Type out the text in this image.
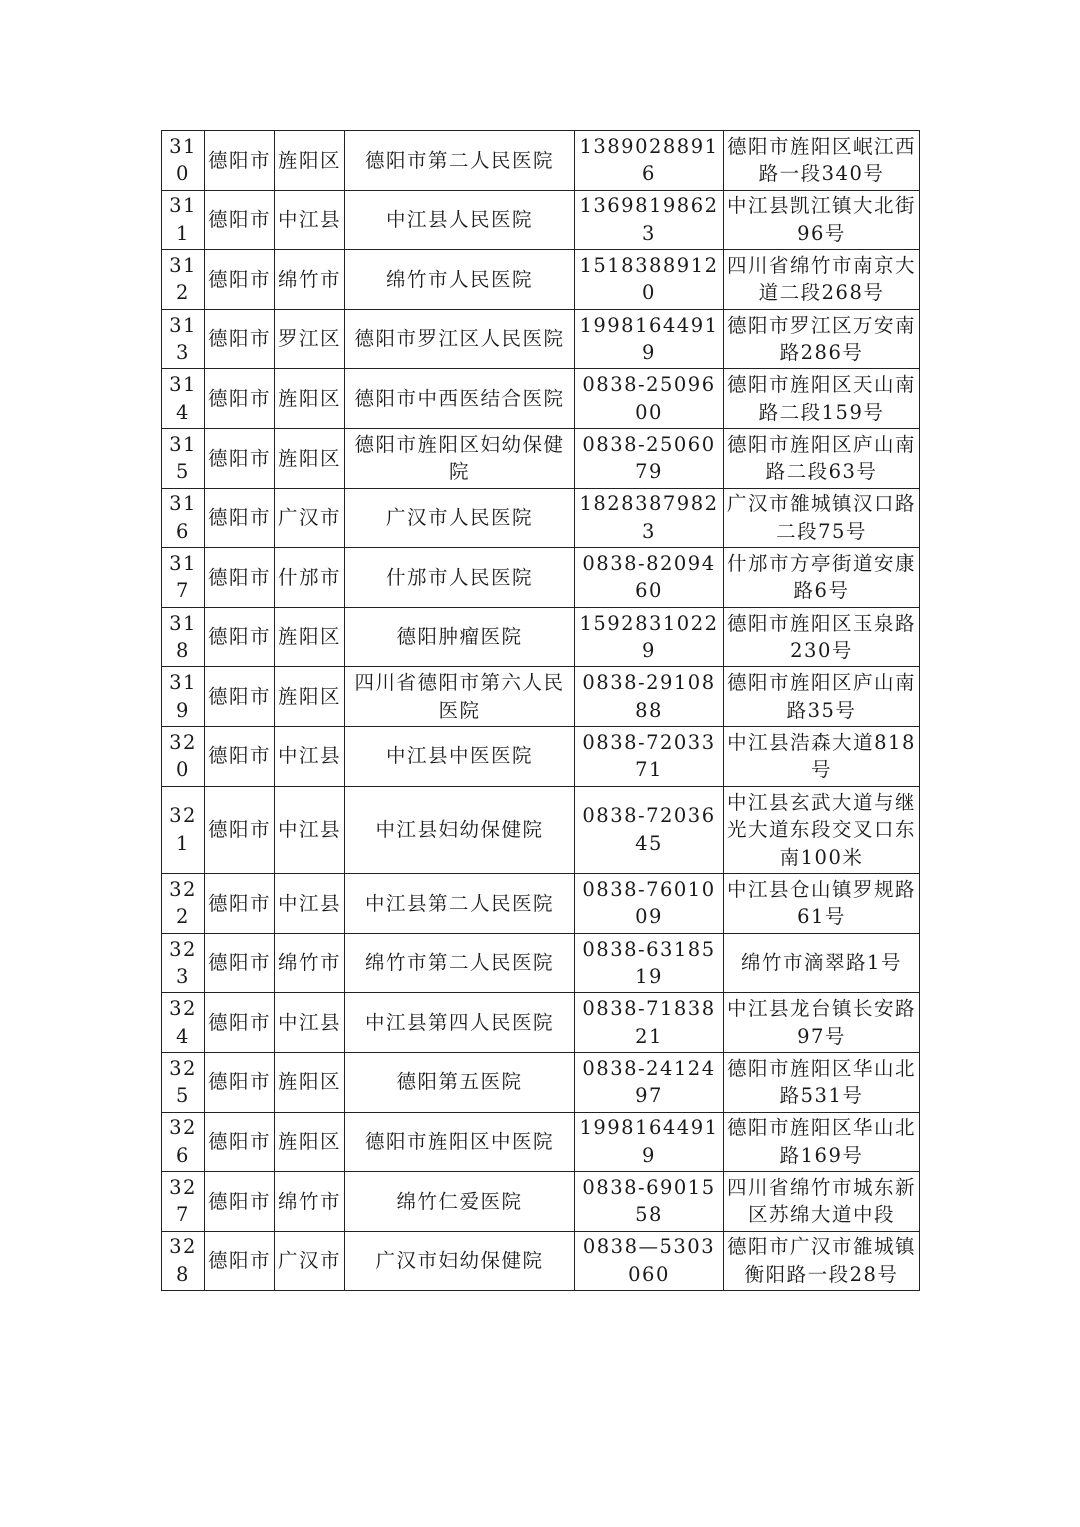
310	德阳市	旌阳区	德阳市第二人民医院	13890288916	德阳市旌阳区岷江西路一段340号
311	德阳市	中江县	中江县人民医院	13698198623	中江县凯江镇大北街96号
312	德阳市	绵竹市	绵竹市人民医院	15183889120	四川省绵竹市南京大道二段268号
313	德阳市	罗江区	德阳市罗江区人民医院	19981644919	德阳市罗江区万安南路286号
314	德阳市	旌阳区	德阳市中西医结合医院	0838-2509600	德阳市旌阳区天山南路二段159号
315	德阳市	旌阳区	德阳市旌阳区妇幼保健院	0838-2506079	德阳市旌阳区庐山南路二段63号
316	德阳市	广汉市	广汉市人民医院	18283879823	广汉市雒城镇汉口路二段75号
317	德阳市	什邡市	什邡市人民医院	0838-8209460	什邡市方亭街道安康路6号
318	德阳市	旌阳区	德阳肿瘤医院	15928310229	德阳市旌阳区玉泉路230号
319	德阳市	旌阳区	四川省德阳市第六人民医院	0838-2910888	德阳市旌阳区庐山南路35号
320	德阳市	中江县	中江县中医医院	0838-7203371	中江县浩森大道818号
321	德阳市	中江县	中江县妇幼保健院	0838-7203645	中江县玄武大道与继光大道东段交叉口东南100米
322	德阳市	中江县	中江县第二人民医院	0838-7601009	中江县仓山镇罗规路61号
323	德阳市	绵竹市	绵竹市第二人民医院	0838-6318519	绵竹市滴翠路1号
324	德阳市	中江县	中江县第四人民医院	0838-7183821	中江县龙台镇长安路97号
325	德阳市	旌阳区	德阳第五医院	0838-2412497	德阳市旌阳区华山北路531号
326	德阳市	旌阳区	德阳市旌阳区中医院	19981644919	德阳市旌阳区华山北路169号
327	德阳市	绵竹市	绵竹仁爱医院	0838-6901558	四川省绵竹市城东新区苏绵大道中段
328	德阳市	广汉市	广汉市妇幼保健院	0838—5303060	德阳市广汉市雒城镇衡阳路一段28号
